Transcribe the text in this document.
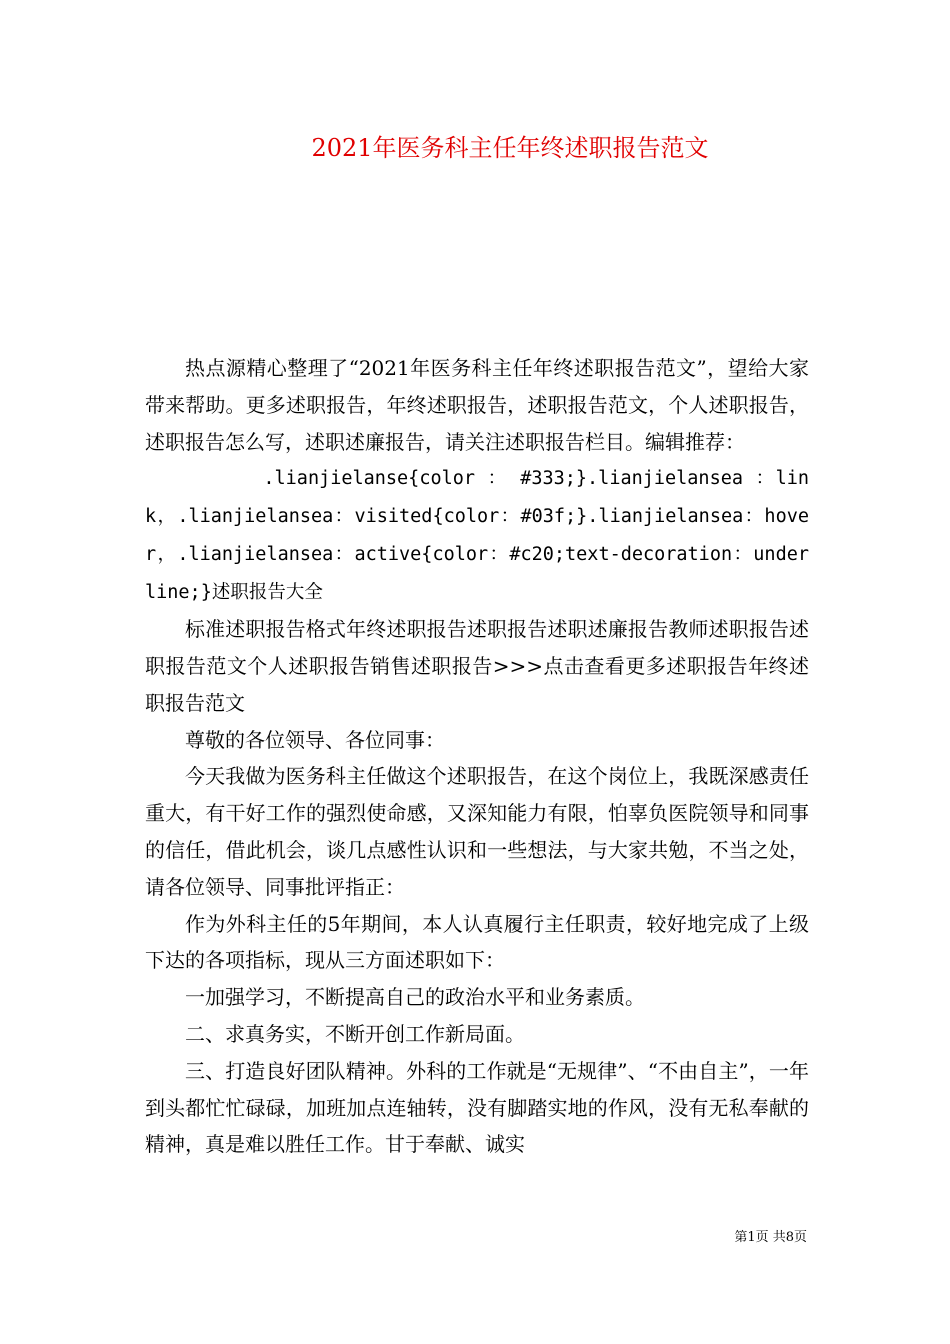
2021年医务科主任年终述职报告范文

热点源精心整理了“2021年医务科主任年终述职报告范文”，望给大家带来帮助。更多述职报告，年终述职报告，述职报告范文，个人述职报告，述职报告怎么写，述职述廉报告，请关注述职报告栏目。编辑推荐：

.lianjielanse{color ： #333;}.lianjielansea ：link，.lianjielansea：visited{color：#03f;}.lianjielansea：hover，.lianjielansea：active{color：#c20;text-decoration：underline;}述职报告大全

标准述职报告格式年终述职报告述职报告述职述廉报告教师述职报告述职报告范文个人述职报告销售述职报告>>>点击查看更多述职报告年终述职报告范文

尊敬的各位领导、各位同事：

今天我做为医务科主任做这个述职报告，在这个岗位上，我既深感责任重大，有干好工作的强烈使命感，又深知能力有限，怕辜负医院领导和同事的信任，借此机会，谈几点感性认识和一些想法，与大家共勉，不当之处，请各位领导、同事批评指正：

作为外科主任的5年期间，本人认真履行主任职责，较好地完成了上级下达的各项指标，现从三方面述职如下：

一加强学习，不断提高自己的政治水平和业务素质。

二、求真务实，不断开创工作新局面。

三、打造良好团队精神。外科的工作就是“无规律”、“不由自主”，一年到头都忙忙碌碌，加班加点连轴转，没有脚踏实地的作风，没有无私奉献的精神，真是难以胜任工作。甘于奉献、诚实

第1页 共8页
